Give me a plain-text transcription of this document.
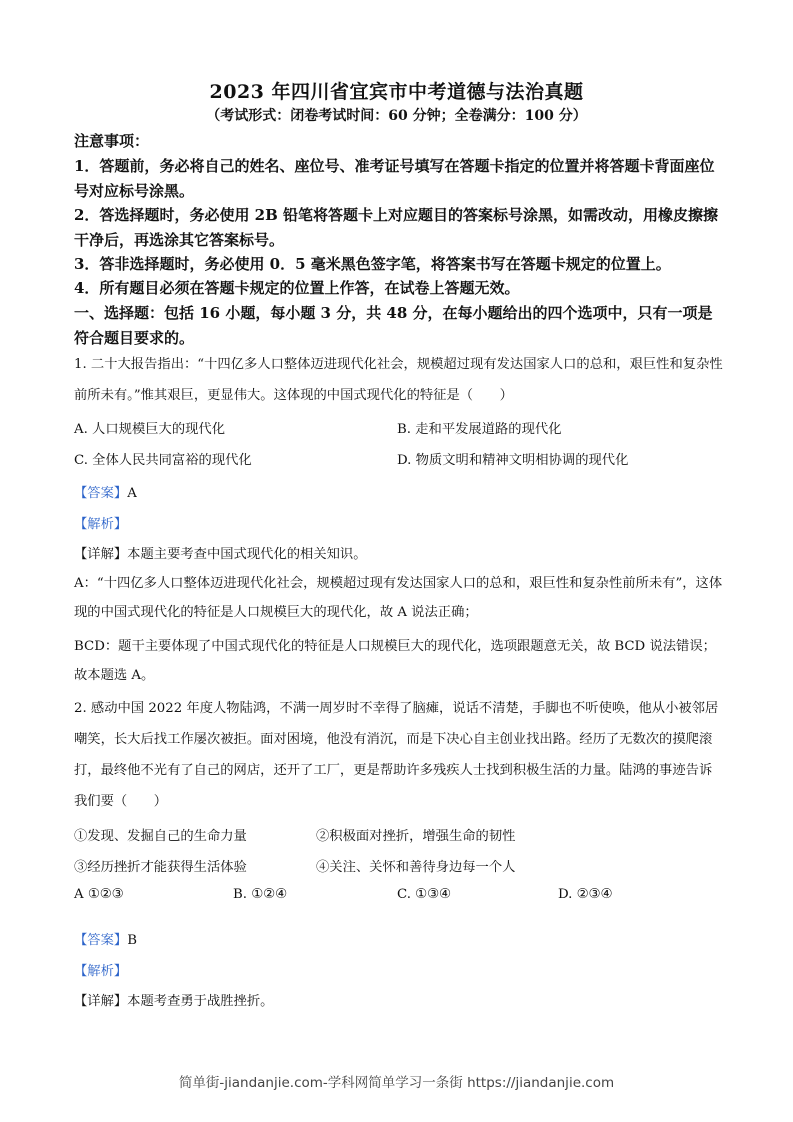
2023 年四川省宜宾市中考道德与法治真题
（考试形式：闭卷考试时间：60 分钟；全卷满分：100 分）
注意事项：
1．答题前，务必将自己的姓名、座位号、准考证号填写在答题卡指定的位置并将答题卡背面座位号对应标号涂黑。
2．答选择题时，务必使用 2B 铅笔将答题卡上对应题目的答案标号涂黑，如需改动，用橡皮擦擦干净后，再选涂其它答案标号。
3．答非选择题时，务必使用 0．5 毫米黑色签字笔，将答案书写在答题卡规定的位置上。
4．所有题目必须在答题卡规定的位置上作答，在试卷上答题无效。
一、选择题：包括 16 小题，每小题 3 分，共 48 分，在每小题给出的四个选项中，只有一项是符合题目要求的。
1. 二十大报告指出：“十四亿多人口整体迈进现代化社会，规模超过现有发达国家人口的总和，艰巨性和复杂性前所未有。”惟其艰巨，更显伟大。这体现的中国式现代化的特征是（　　）
A. 人口规模巨大的现代化	B. 走和平发展道路的现代化
C. 全体人民共同富裕的现代化	D. 物质文明和精神文明相协调的现代化
【答案】A
【解析】
【详解】本题主要考查中国式现代化的相关知识。
A：“十四亿多人口整体迈进现代化社会，规模超过现有发达国家人口的总和，艰巨性和复杂性前所未有”，这体现的中国式现代化的特征是人口规模巨大的现代化，故 A 说法正确；
BCD：题干主要体现了中国式现代化的特征是人口规模巨大的现代化，选项跟题意无关，故 BCD 说法错误；
故本题选 A。
2. 感动中国 2022 年度人物陆鸿，不满一周岁时不幸得了脑瘫，说话不清楚，手脚也不听使唤，他从小被邻居嘲笑，长大后找工作屡次被拒。面对困境，他没有消沉，而是下决心自主创业找出路。经历了无数次的摸爬滚打，最终他不光有了自己的网店，还开了工厂，更是帮助许多残疾人士找到积极生活的力量。陆鸿的事迹告诉我们要（　　）
①发现、发掘自己的生命力量	②积极面对挫折，增强生命的韧性
③经历挫折才能获得生活体验	④关注、关怀和善待身边每一个人
A ①②③	B. ①②④	C. ①③④	D. ②③④
【答案】B
【解析】
【详解】本题考查勇于战胜挫折。
简单街-jiandanjie.com-学科网简单学习一条街 https://jiandanjie.com
